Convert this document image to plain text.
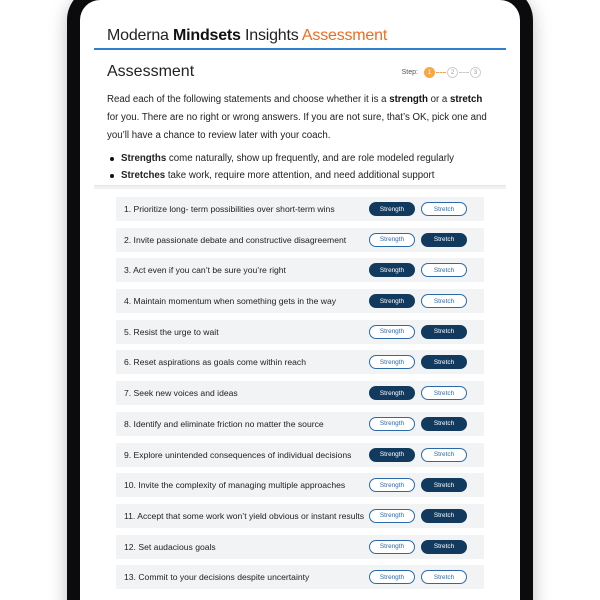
Moderna Mindsets Insights Assessment
Assessment	Step:	1	2	3

Read each of the following statements and choose whether it is a strength or a stretch for you. There are no right or wrong answers. If you are not sure, that’s OK, pick one and you’ll have a chance to review later with your coach.

Strengths come naturally, show up frequently, and are role modeled regularly
Stretches take work, require more attention, and need additional support
1. Prioritize long- term possibilities over short-term wins	Strength	Stretch
2. Invite passionate debate and constructive disagreement	Strength	Stretch
3. Act even if you can’t be sure you’re right	Strength	Stretch
4. Maintain momentum when something gets in the way	Strength	Stretch
5. Resist the urge to wait	Strength	Stretch
6. Reset aspirations as goals come within reach	Strength	Stretch
7. Seek new voices and ideas	Strength	Stretch
8. Identify and eliminate friction no matter the source	Strength	Stretch
9. Explore unintended consequences of individual decisions	Strength	Stretch
10. Invite the complexity of managing multiple approaches	Strength	Stretch
11. Accept that some work won’t yield obvious or instant results	Strength	Stretch
12. Set audacious goals	Strength	Stretch
13. Commit to your decisions despite uncertainty	Strength	Stretch
